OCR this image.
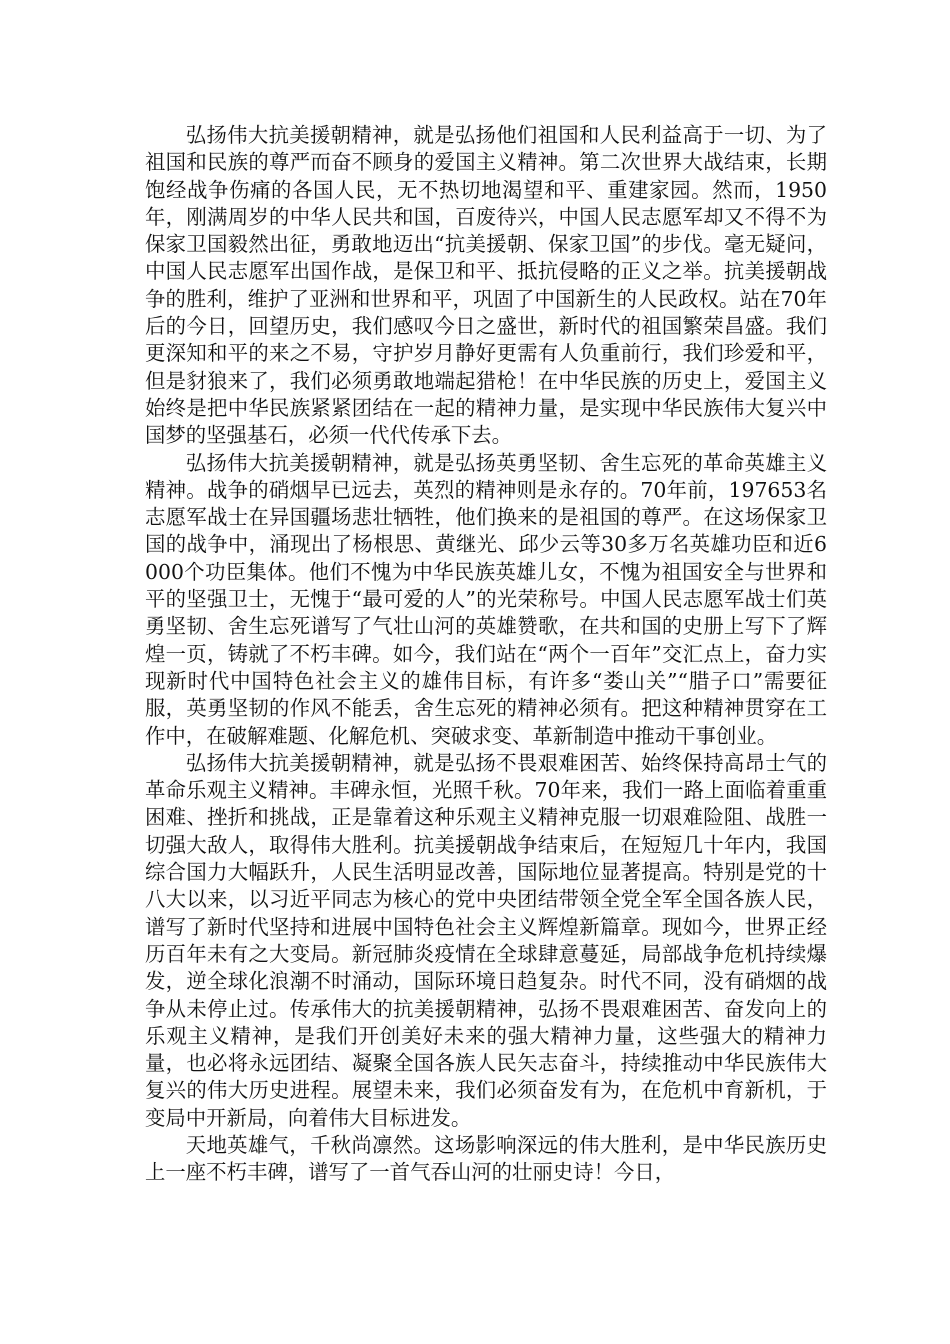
弘扬伟大抗美援朝精神，就是弘扬他们祖国和人民利益高于一切、为了祖国和民族的尊严而奋不顾身的爱国主义精神。第二次世界大战结束，长期饱经战争伤痛的各国人民，无不热切地渴望和平、重建家园。然而，1950年，刚满周岁的中华人民共和国，百废待兴，中国人民志愿军却又不得不为保家卫国毅然出征，勇敢地迈出“抗美援朝、保家卫国”的步伐。毫无疑问，中国人民志愿军出国作战，是保卫和平、抵抗侵略的正义之举。抗美援朝战争的胜利，维护了亚洲和世界和平，巩固了中国新生的人民政权。站在70年后的今日，回望历史，我们感叹今日之盛世，新时代的祖国繁荣昌盛。我们更深知和平的来之不易，守护岁月静好更需有人负重前行，我们珍爱和平，但是豺狼来了，我们必须勇敢地端起猎枪！在中华民族的历史上，爱国主义始终是把中华民族紧紧团结在一起的精神力量，是实现中华民族伟大复兴中国梦的坚强基石，必须一代代传承下去。

弘扬伟大抗美援朝精神，就是弘扬英勇坚韧、舍生忘死的革命英雄主义精神。战争的硝烟早已远去，英烈的精神则是永存的。70年前，197653名志愿军战士在异国疆场悲壮牺牲，他们换来的是祖国的尊严。在这场保家卫国的战争中，涌现出了杨根思、黄继光、邱少云等30多万名英雄功臣和近6000个功臣集体。他们不愧为中华民族英雄儿女，不愧为祖国安全与世界和平的坚强卫士，无愧于“最可爱的人”的光荣称号。中国人民志愿军战士们英勇坚韧、舍生忘死谱写了气壮山河的英雄赞歌，在共和国的史册上写下了辉煌一页，铸就了不朽丰碑。如今，我们站在“两个一百年”交汇点上，奋力实现新时代中国特色社会主义的雄伟目标，有许多“娄山关”“腊子口”需要征服，英勇坚韧的作风不能丢，舍生忘死的精神必须有。把这种精神贯穿在工作中，在破解难题、化解危机、突破求变、革新制造中推动干事创业。

弘扬伟大抗美援朝精神，就是弘扬不畏艰难困苦、始终保持高昂士气的革命乐观主义精神。丰碑永恒，光照千秋。70年来，我们一路上面临着重重困难、挫折和挑战，正是靠着这种乐观主义精神克服一切艰难险阻、战胜一切强大敌人，取得伟大胜利。抗美援朝战争结束后，在短短几十年内，我国综合国力大幅跃升，人民生活明显改善，国际地位显著提高。特别是党的十八大以来，以习近平同志为核心的党中央团结带领全党全军全国各族人民，谱写了新时代坚持和进展中国特色社会主义辉煌新篇章。现如今，世界正经历百年未有之大变局。新冠肺炎疫情在全球肆意蔓延，局部战争危机持续爆发，逆全球化浪潮不时涌动，国际环境日趋复杂。时代不同，没有硝烟的战争从未停止过。传承伟大的抗美援朝精神，弘扬不畏艰难困苦、奋发向上的乐观主义精神，是我们开创美好未来的强大精神力量，这些强大的精神力量，也必将永远团结、凝聚全国各族人民矢志奋斗，持续推动中华民族伟大复兴的伟大历史进程。展望未来，我们必须奋发有为，在危机中育新机，于变局中开新局，向着伟大目标进发。

天地英雄气，千秋尚凛然。这场影响深远的伟大胜利，是中华民族历史上一座不朽丰碑，谱写了一首气吞山河的壮丽史诗！今日，
